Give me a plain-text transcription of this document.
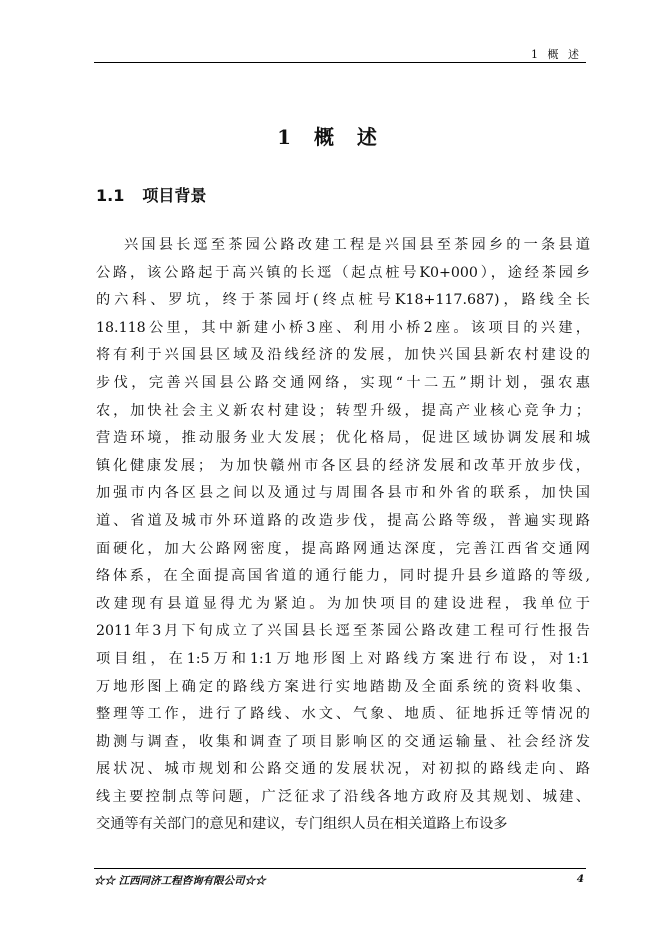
1 概 述
1 概 述
1.1 项目背景
兴国县长逕至茶园公路改建工程是兴国县至茶园乡的一条县道
公路，该公路起于高兴镇的长逕（起点桩号K0+000），途经茶园乡
的六科、罗坑，终于茶园圩(终点桩号K18+117.687)，路线全长
18.118公里，其中新建小桥3座、利用小桥2座。该项目的兴建，
将有利于兴国县区域及沿线经济的发展，加快兴国县新农村建设的
步伐，完善兴国县公路交通网络，实现“十二五”期计划，强农惠
农，加快社会主义新农村建设；转型升级，提高产业核心竞争力；
营造环境，推动服务业大发展；优化格局，促进区域协调发展和城
镇化健康发展； 为加快赣州市各区县的经济发展和改革开放步伐，
加强市内各区县之间以及通过与周围各县市和外省的联系，加快国
道、省道及城市外环道路的改造步伐，提高公路等级，普遍实现路
面硬化，加大公路网密度，提高路网通达深度，完善江西省交通网
络体系，在全面提高国省道的通行能力，同时提升县乡道路的等级,
改建现有县道显得尤为紧迫。为加快项目的建设进程，我单位于
2011年3月下旬成立了兴国县长逕至茶园公路改建工程可行性报告
项目组，在1:5万和1:1万地形图上对路线方案进行布设，对1:1
万地形图上确定的路线方案进行实地踏勘及全面系统的资料收集、
整理等工作，进行了路线、水文、气象、地质、征地拆迁等情况的
勘测与调查，收集和调查了项目影响区的交通运输量、社会经济发
展状况、城市规划和公路交通的发展状况，对初拟的路线走向、路
线主要控制点等问题，广泛征求了沿线各地方政府及其规划、城建、
交通等有关部门的意见和建议，专门组织人员在相关道路上布设多
☆☆ 江西同济工程咨询有限公司☆☆	4
